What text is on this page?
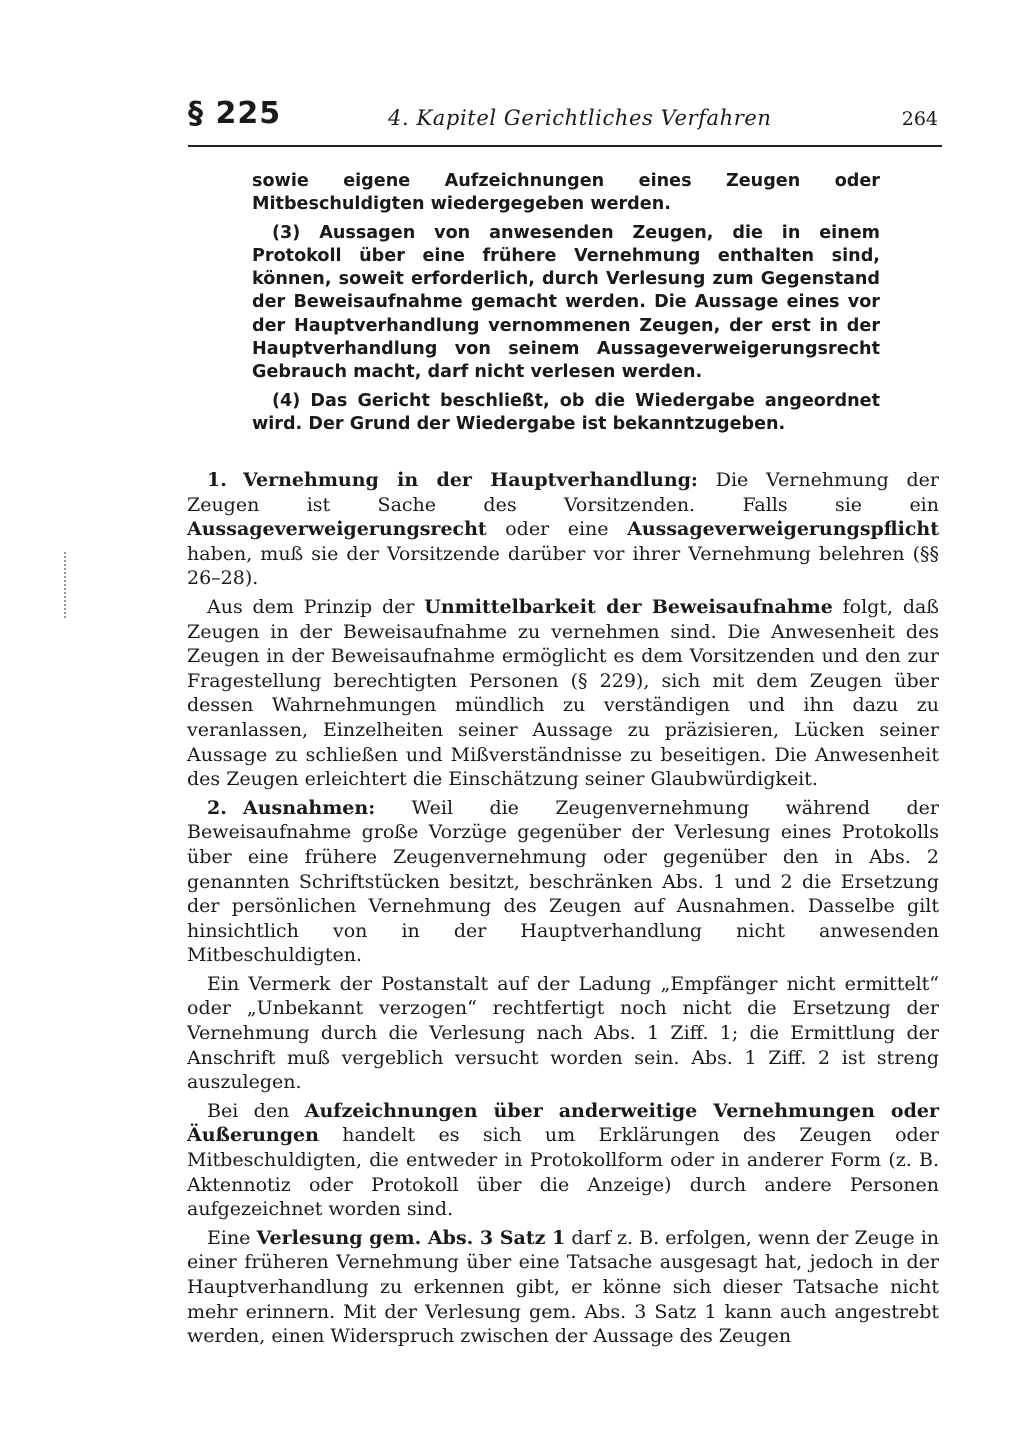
§ 225	4. Kapitel Gerichtliches Verfahren	264

sowie eigene Aufzeichnungen eines Zeugen oder Mitbeschuldigten wiedergegeben werden.

(3) Aussagen von anwesenden Zeugen, die in einem Protokoll über eine frühere Vernehmung enthalten sind, können, soweit erforderlich, durch Verlesung zum Gegenstand der Beweisaufnahme gemacht werden. Die Aussage eines vor der Hauptverhandlung vernommenen Zeugen, der erst in der Hauptverhandlung von seinem Aussageverweigerungsrecht Gebrauch macht, darf nicht verlesen werden.

(4) Das Gericht beschließt, ob die Wiedergabe angeordnet wird. Der Grund der Wiedergabe ist bekanntzugeben.

1. Vernehmung in der Hauptverhandlung: Die Vernehmung der Zeugen ist Sache des Vorsitzenden. Falls sie ein Aussageverweigerungsrecht oder eine Aussageverweigerungspflicht haben, muß sie der Vorsitzende darüber vor ihrer Vernehmung belehren (§§ 26–28).

Aus dem Prinzip der Unmittelbarkeit der Beweisaufnahme folgt, daß Zeugen in der Beweisaufnahme zu vernehmen sind. Die Anwesenheit des Zeugen in der Beweisaufnahme ermöglicht es dem Vorsitzenden und den zur Fragestellung berechtigten Personen (§ 229), sich mit dem Zeugen über dessen Wahrnehmungen mündlich zu verständigen und ihn dazu zu veranlassen, Einzelheiten seiner Aussage zu präzisieren, Lücken seiner Aussage zu schließen und Mißverständnisse zu beseitigen. Die Anwesenheit des Zeugen erleichtert die Einschätzung seiner Glaubwürdigkeit.

2. Ausnahmen: Weil die Zeugenvernehmung während der Beweisaufnahme große Vorzüge gegenüber der Verlesung eines Protokolls über eine frühere Zeugenvernehmung oder gegenüber den in Abs. 2 genannten Schriftstücken besitzt, beschränken Abs. 1 und 2 die Ersetzung der persönlichen Vernehmung des Zeugen auf Ausnahmen. Dasselbe gilt hinsichtlich von in der Hauptverhandlung nicht anwesenden Mitbeschuldigten.

Ein Vermerk der Postanstalt auf der Ladung „Empfänger nicht ermittelt“ oder „Unbekannt verzogen“ rechtfertigt noch nicht die Ersetzung der Vernehmung durch die Verlesung nach Abs. 1 Ziff. 1; die Ermittlung der Anschrift muß vergeblich versucht worden sein. Abs. 1 Ziff. 2 ist streng auszulegen.

Bei den Aufzeichnungen über anderweitige Vernehmungen oder Äußerungen handelt es sich um Erklärungen des Zeugen oder Mitbeschuldigten, die entweder in Protokollform oder in anderer Form (z. B. Aktennotiz oder Protokoll über die Anzeige) durch andere Personen aufgezeichnet worden sind.

Eine Verlesung gem. Abs. 3 Satz 1 darf z. B. erfolgen, wenn der Zeuge in einer früheren Vernehmung über eine Tatsache ausgesagt hat, jedoch in der Hauptverhandlung zu erkennen gibt, er könne sich dieser Tatsache nicht mehr erinnern. Mit der Verlesung gem. Abs. 3 Satz 1 kann auch angestrebt werden, einen Widerspruch zwischen der Aussage des Zeugen
